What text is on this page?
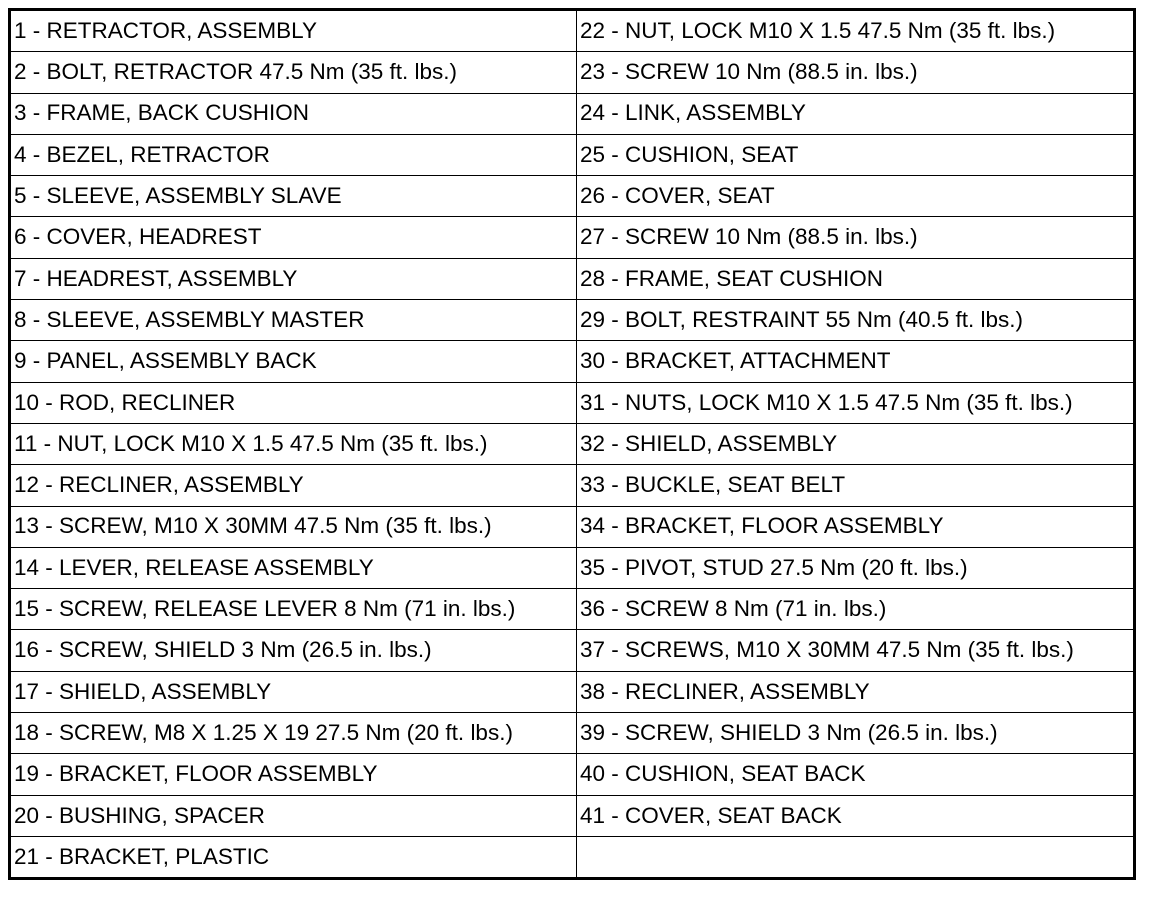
1 - RETRACTOR, ASSEMBLY	22 - NUT, LOCK M10 X 1.5 47.5 Nm (35 ft. lbs.)
2 - BOLT, RETRACTOR 47.5 Nm (35 ft. lbs.)	23 - SCREW 10 Nm (88.5 in. lbs.)
3 - FRAME, BACK CUSHION	24 - LINK, ASSEMBLY
4 - BEZEL, RETRACTOR	25 - CUSHION, SEAT
5 - SLEEVE, ASSEMBLY SLAVE	26 - COVER, SEAT
6 - COVER, HEADREST	27 - SCREW 10 Nm (88.5 in. lbs.)
7 - HEADREST, ASSEMBLY	28 - FRAME, SEAT CUSHION
8 - SLEEVE, ASSEMBLY MASTER	29 - BOLT, RESTRAINT 55 Nm (40.5 ft. lbs.)
9 - PANEL, ASSEMBLY BACK	30 - BRACKET, ATTACHMENT
10 - ROD, RECLINER	31 - NUTS, LOCK M10 X 1.5 47.5 Nm (35 ft. lbs.)
11 - NUT, LOCK M10 X 1.5 47.5 Nm (35 ft. lbs.)	32 - SHIELD, ASSEMBLY
12 - RECLINER, ASSEMBLY	33 - BUCKLE, SEAT BELT
13 - SCREW, M10 X 30MM 47.5 Nm (35 ft. lbs.)	34 - BRACKET, FLOOR ASSEMBLY
14 - LEVER, RELEASE ASSEMBLY	35 - PIVOT, STUD 27.5 Nm (20 ft. lbs.)
15 - SCREW, RELEASE LEVER 8 Nm (71 in. lbs.)	36 - SCREW 8 Nm (71 in. lbs.)
16 - SCREW, SHIELD 3 Nm (26.5 in. lbs.)	37 - SCREWS, M10 X 30MM 47.5 Nm (35 ft. lbs.)
17 - SHIELD, ASSEMBLY	38 - RECLINER, ASSEMBLY
18 - SCREW, M8 X 1.25 X 19 27.5 Nm (20 ft. lbs.)	39 - SCREW, SHIELD 3 Nm (26.5 in. lbs.)
19 - BRACKET, FLOOR ASSEMBLY	40 - CUSHION, SEAT BACK
20 - BUSHING, SPACER	41 - COVER, SEAT BACK
21 - BRACKET, PLASTIC	
